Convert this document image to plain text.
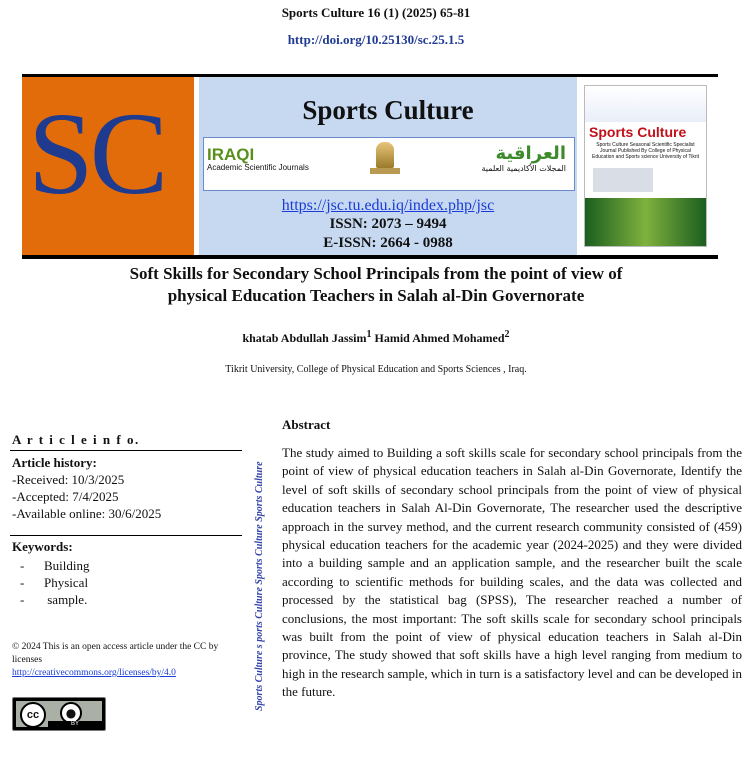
Sports Culture 16 (1) (2025) 65-81
http://doi.org/10.25130/sc.25.1.5
SC	Sports Culture
IRAQI
Academic Scientific Journals
العراقية
المجلات الأكاديمية العلمية
https://jsc.tu.edu.iq/index.php/jsc
ISSN: 2073 – 9494
E-ISSN: 2664 - 0988
Sports Culture
Sports Culture Seasonal Scientific Specialist Journal Published By College of Physical Education and Sports science University of Tikrit
Soft Skills for Secondary School Principals from the point of view of
physical Education Teachers in Salah al-Din Governorate
khatab Abdullah Jassim$^1$ Hamid Ahmed Mohamed$^2$
Tikrit University, College of Physical Education and Sports Sciences , Iraq.
A r t i c l e i n f o.
Article history:
-Received: 10/3/2025
-Accepted: 7/4/2025
-Available online: 30/6/2025
Keywords:
- Building
- Physical
- sample.
© 2024 This is an open access article under the CC by licenses
http://creativecommons.org/licenses/by/4.0
cc	●
BY
Sports Culture s ports Culture Sports Culture Sports Culture
Abstract
The study aimed to Building a soft skills scale for secondary school principals from the point of view of physical education teachers in Salah al-Din Governorate, Identify the level of soft skills of secondary school principals from the point of view of physical education teachers in Salah Al-Din Governorate, The researcher used the descriptive approach in the survey method, and the current research community consisted of (459) physical education teachers for the academic year (2024-2025) and they were divided into a building sample and an application sample, and the researcher built the scale according to scientific methods for building scales, and the data was collected and processed by the statistical bag (SPSS), The researcher reached a number of conclusions, the most important: The soft skills scale for secondary school principals was built from the point of view of physical education teachers in Salah al-Din province, The study showed that soft skills have a high level ranging from medium to high in the research sample, which in turn is a satisfactory level and can be developed in the future.
